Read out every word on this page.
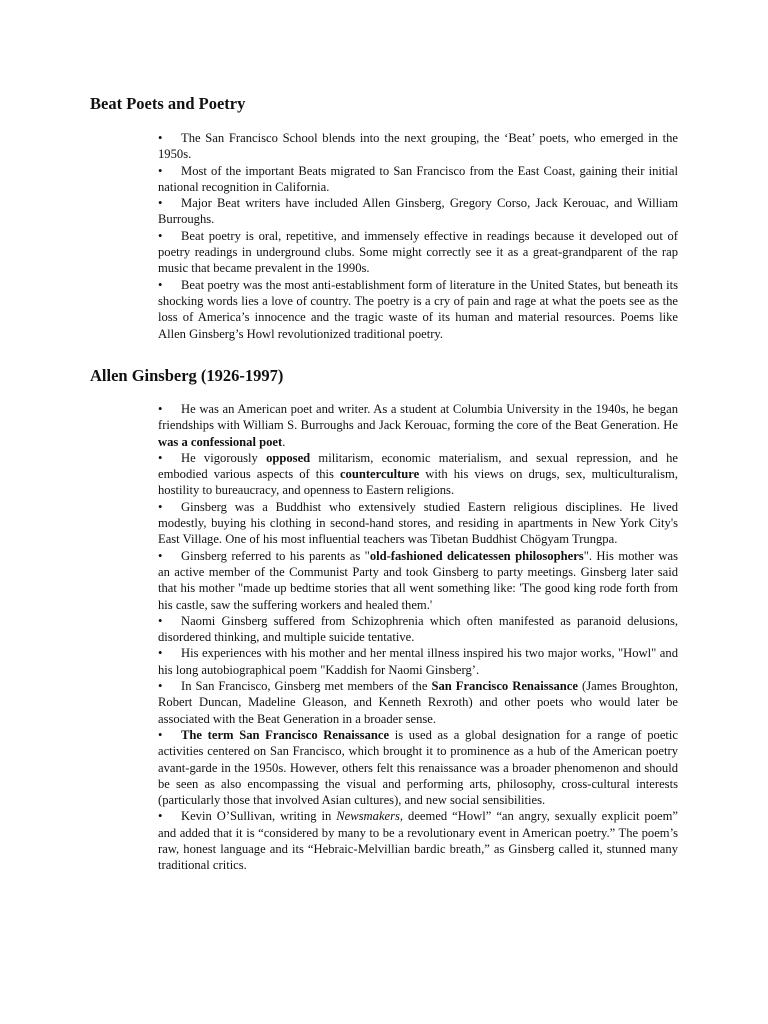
Beat Poets and Poetry
• The San Francisco School blends into the next grouping, the ‘Beat’ poets, who emerged in the 1950s.
• Most of the important Beats migrated to San Francisco from the East Coast, gaining their initial national recognition in California.
• Major Beat writers have included Allen Ginsberg, Gregory Corso, Jack Kerouac, and William Burroughs.
• Beat poetry is oral, repetitive, and immensely effective in readings because it developed out of poetry readings in underground clubs. Some might correctly see it as a great-grandparent of the rap music that became prevalent in the 1990s.
• Beat poetry was the most anti-establishment form of literature in the United States, but beneath its shocking words lies a love of country. The poetry is a cry of pain and rage at what the poets see as the loss of America’s innocence and the tragic waste of its human and material resources. Poems like Allen Ginsberg’s Howl revolutionized traditional poetry.
Allen Ginsberg (1926-1997)
• He was an American poet and writer. As a student at Columbia University in the 1940s, he began friendships with William S. Burroughs and Jack Kerouac, forming the core of the Beat Generation. He was a confessional poet.
• He vigorously opposed militarism, economic materialism, and sexual repression, and he embodied various aspects of this counterculture with his views on drugs, sex, multiculturalism, hostility to bureaucracy, and openness to Eastern religions.
• Ginsberg was a Buddhist who extensively studied Eastern religious disciplines. He lived modestly, buying his clothing in second-hand stores, and residing in apartments in New York City's East Village. One of his most influential teachers was Tibetan Buddhist Chögyam Trungpa.
• Ginsberg referred to his parents as "old-fashioned delicatessen philosophers". His mother was an active member of the Communist Party and took Ginsberg to party meetings. Ginsberg later said that his mother "made up bedtime stories that all went something like: 'The good king rode forth from his castle, saw the suffering workers and healed them.'
• Naomi Ginsberg suffered from Schizophrenia which often manifested as paranoid delusions, disordered thinking, and multiple suicide tentative.
• His experiences with his mother and her mental illness inspired his two major works, "Howl" and his long autobiographical poem "Kaddish for Naomi Ginsberg’.
• In San Francisco, Ginsberg met members of the San Francisco Renaissance (James Broughton, Robert Duncan, Madeline Gleason, and Kenneth Rexroth) and other poets who would later be associated with the Beat Generation in a broader sense.
• The term San Francisco Renaissance is used as a global designation for a range of poetic activities centered on San Francisco, which brought it to prominence as a hub of the American poetry avant-garde in the 1950s. However, others felt this renaissance was a broader phenomenon and should be seen as also encompassing the visual and performing arts, philosophy, cross-cultural interests (particularly those that involved Asian cultures), and new social sensibilities.
• Kevin O’Sullivan, writing in Newsmakers, deemed “Howl” “an angry, sexually explicit poem” and added that it is “considered by many to be a revolutionary event in American poetry.” The poem’s raw, honest language and its “Hebraic-Melvillian bardic breath,” as Ginsberg called it, stunned many traditional critics.
